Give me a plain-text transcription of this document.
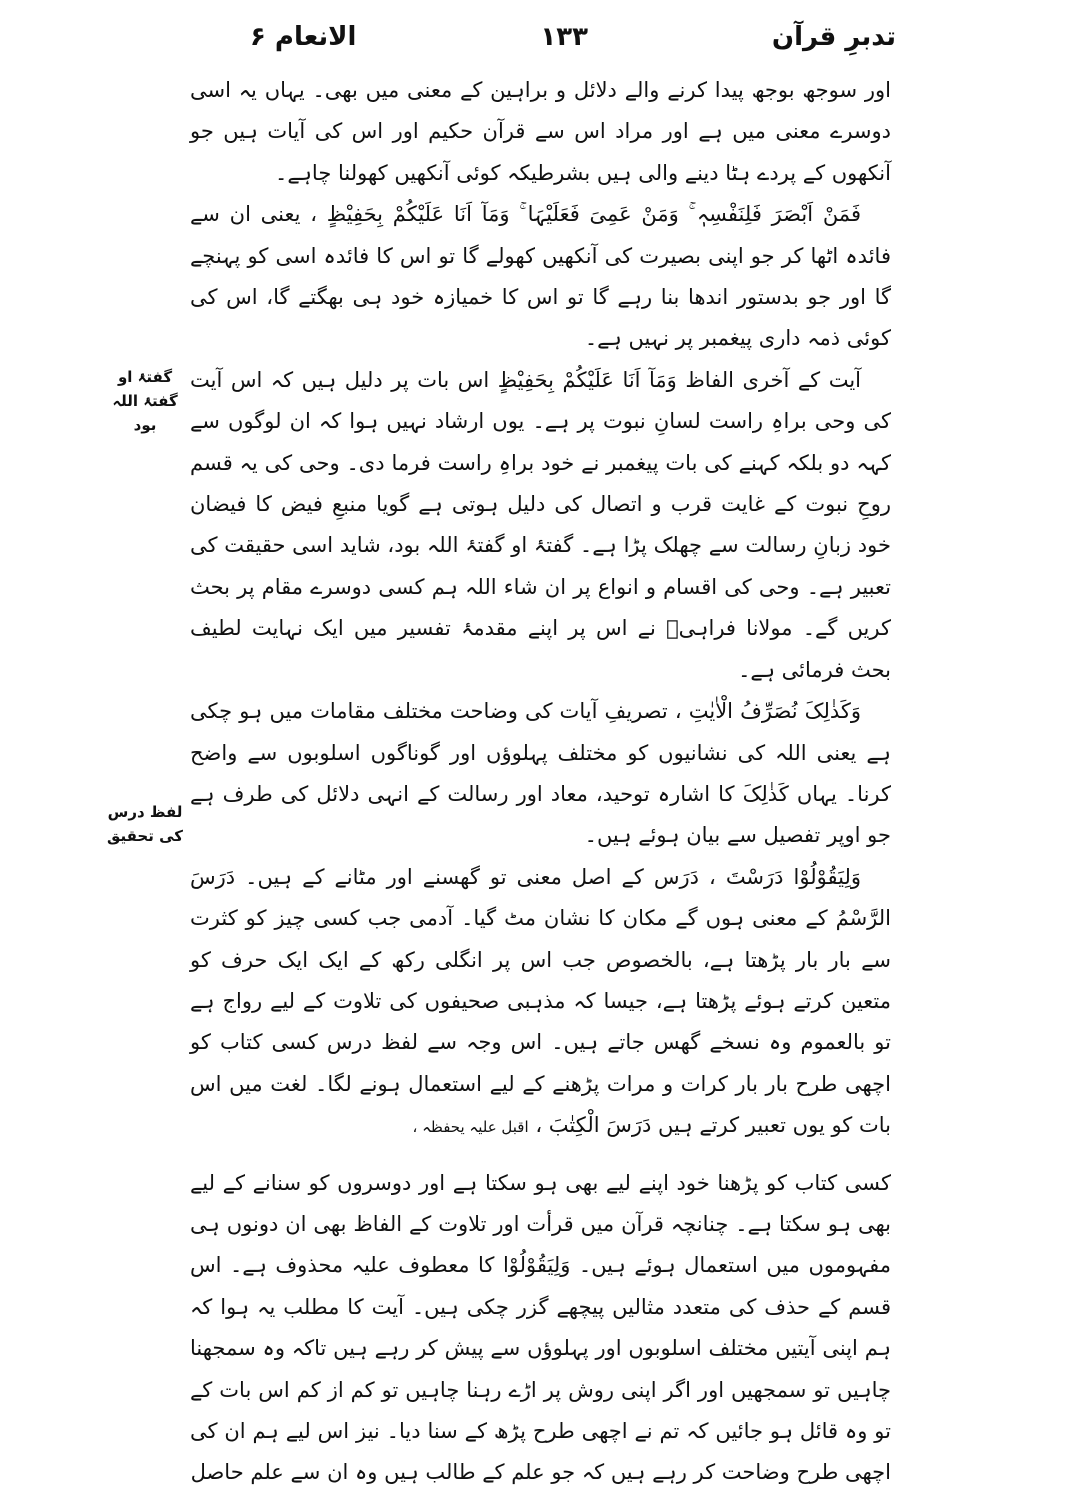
تدبرِ قرآن
۱۳۳
الانعام ۶

اور سوجھ بوجھ پیدا کرنے والے دلائل و براہین کے معنی میں بھی۔ یہاں یہ اسی دوسرے معنی میں ہے اور مراد اس سے قرآن حکیم اور اس کی آیات ہیں جو آنکھوں کے پردے ہٹا دینے والی ہیں بشرطیکہ کوئی آنکھیں کھولنا چاہے۔

فَمَنْ اَبْصَرَ فَلِنَفْسِہٖ ۚ وَمَنْ عَمِیَ فَعَلَیْہَا ۚ وَمَآ اَنَا عَلَیْکُمْ بِحَفِیْظٍ ، یعنی ان سے فائدہ اٹھا کر جو اپنی بصیرت کی آنکھیں کھولے گا تو اس کا فائدہ اسی کو پہنچے گا اور جو بدستور اندھا بنا رہے گا تو اس کا خمیازہ خود ہی بھگتے گا، اس کی کوئی ذمہ داری پیغمبر پر نہیں ہے۔

آیت کے آخری الفاظ وَمَآ اَنَا عَلَیْکُمْ بِحَفِیْظٍ اس بات پر دلیل ہیں کہ اس آیت کی وحی براہِ راست لسانِ نبوت پر ہے۔ یوں ارشاد نہیں ہوا کہ ان لوگوں سے کہہ دو بلکہ کہنے کی بات پیغمبر نے خود براہِ راست فرما دی۔ وحی کی یہ قسم روحِ نبوت کے غایت قرب و اتصال کی دلیل ہوتی ہے گویا منبعِ فیض کا فیضان خود زبانِ رسالت سے چھلک پڑا ہے۔ گفتۂ او گفتۂ اللہ بود، شاید اسی حقیقت کی تعبیر ہے۔ وحی کی اقسام و انواع پر ان شاء اللہ ہم کسی دوسرے مقام پر بحث کریں گے۔ مولانا فراہیؒ نے اس پر اپنے مقدمۂ تفسیر میں ایک نہایت لطیف بحث فرمائی ہے۔

وَکَذٰلِکَ نُصَرِّفُ الْاٰیٰتِ ، تصریفِ آیات کی وضاحت مختلف مقامات میں ہو چکی ہے یعنی اللہ کی نشانیوں کو مختلف پہلوؤں اور گوناگوں اسلوبوں سے واضح کرنا۔ یہاں کَذٰلِکَ کا اشارہ توحید، معاد اور رسالت کے انہی دلائل کی طرف ہے جو اوپر تفصیل سے بیان ہوئے ہیں۔

وَلِیَقُوْلُوْا دَرَسْتَ ، دَرَس کے اصل معنی تو گھسنے اور مٹانے کے ہیں۔ دَرَسَ الرَّسْمُ کے معنی ہوں گے مکان کا نشان مٹ گیا۔ آدمی جب کسی چیز کو کثرت سے بار بار پڑھتا ہے، بالخصوص جب اس پر انگلی رکھ کے ایک ایک حرف کو متعین کرتے ہوئے پڑھتا ہے، جیسا کہ مذہبی صحیفوں کی تلاوت کے لیے رواج ہے تو بالعموم وہ نسخے گھس جاتے ہیں۔ اس وجہ سے لفظ درس کسی کتاب کو اچھی طرح بار بار کرات و مرات پڑھنے کے لیے استعمال ہونے لگا۔ لغت میں اس بات کو یوں تعبیر کرتے ہیں دَرَسَ الْکِتٰبَ ، اقبل علیہ یحفظہ ،

کسی کتاب کو پڑھنا خود اپنے لیے بھی ہو سکتا ہے اور دوسروں کو سنانے کے لیے بھی ہو سکتا ہے۔ چنانچہ قرآن میں قرأت اور تلاوت کے الفاظ بھی ان دونوں ہی مفہوموں میں استعمال ہوئے ہیں۔ وَلِیَقُوْلُوْا کا معطوف علیہ محذوف ہے۔ اس قسم کے حذف کی متعدد مثالیں پیچھے گزر چکی ہیں۔ آیت کا مطلب یہ ہوا کہ ہم اپنی آیتیں مختلف اسلوبوں اور پہلوؤں سے پیش کر رہے ہیں تاکہ وہ سمجھنا چاہیں تو سمجھیں اور اگر اپنی روش پر اڑے رہنا چاہیں تو کم از کم اس بات کے تو وہ قائل ہو جائیں کہ تم نے اچھی طرح پڑھ کے سنا دیا۔ نیز اس لیے ہم ان کی اچھی طرح وضاحت کر رہے ہیں کہ جو علم کے طالب ہیں وہ ان سے علم حاصل

گفتۂ او گفتۂ اللہ بود
لفظ درس کی تحقیق
